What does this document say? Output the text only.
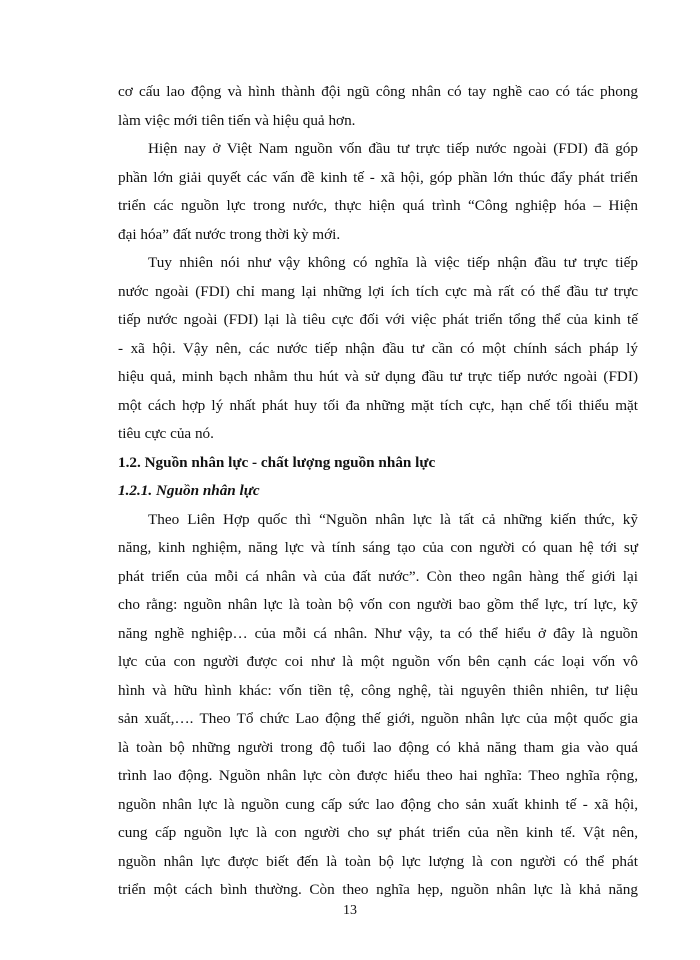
cơ cấu lao động và hình thành đội ngũ công nhân có tay nghề cao có tác phong
làm việc mới tiên tiến và hiệu quả hơn.
Hiện nay ở Việt Nam nguồn vốn đầu tư trực tiếp nước ngoài (FDI) đã góp
phần lớn giải quyết các vấn đề kinh tế - xã hội, góp phần lớn thúc đẩy phát triển
triển các nguồn lực trong nước, thực hiện quá trình “Công nghiệp hóa – Hiện
đại hóa” đất nước trong thời kỳ mới.
Tuy nhiên nói như vậy không có nghĩa là việc tiếp nhận đầu tư trực tiếp
nước ngoài (FDI) chỉ mang lại những lợi ích tích cực mà rất có thể đầu tư trực
tiếp nước ngoài (FDI) lại là tiêu cực đối với việc phát triển tổng thể của kinh tế
- xã hội. Vậy nên, các nước tiếp nhận đầu tư cần có một chính sách pháp lý
hiệu quả, minh bạch nhằm thu hút và sử dụng đầu tư trực tiếp nước ngoài (FDI)
một cách hợp lý nhất phát huy tối đa những mặt tích cực, hạn chế tối thiểu mặt
tiêu cực của nó.
1.2. Nguồn nhân lực - chất lượng nguồn nhân lực
1.2.1. Nguồn nhân lực
Theo Liên Hợp quốc thì “Nguồn nhân lực là tất cả những kiến thức, kỹ
năng, kinh nghiệm, năng lực và tính sáng tạo của con người có quan hệ tới sự
phát triển của mỗi cá nhân và của đất nước”. Còn theo ngân hàng thế giới lại
cho rằng: nguồn nhân lực là toàn bộ vốn con người bao gồm thể lực, trí lực, kỹ
năng nghề nghiệp… của mỗi cá nhân. Như vậy, ta có thể hiểu ở đây là nguồn
lực của con người được coi như là một nguồn vốn bên cạnh các loại vốn vô
hình và hữu hình khác: vốn tiền tệ, công nghệ, tài nguyên thiên nhiên, tư liệu
sản xuất,…. Theo Tổ chức Lao động thế giới, nguồn nhân lực của một quốc gia
là toàn bộ những người trong độ tuổi lao động có khả năng tham gia vào quá
trình lao động. Nguồn nhân lực còn được hiểu theo hai nghĩa: Theo nghĩa rộng,
nguồn nhân lực là nguồn cung cấp sức lao động cho sản xuất khinh tế - xã hội,
cung cấp nguồn lực là con người cho sự phát triển của nền kinh tế. Vật nên,
nguồn nhân lực được biết đến là toàn bộ lực lượng là con người có thể phát
triển một cách bình thường. Còn theo nghĩa hẹp, nguồn nhân lực là khả năng
13
